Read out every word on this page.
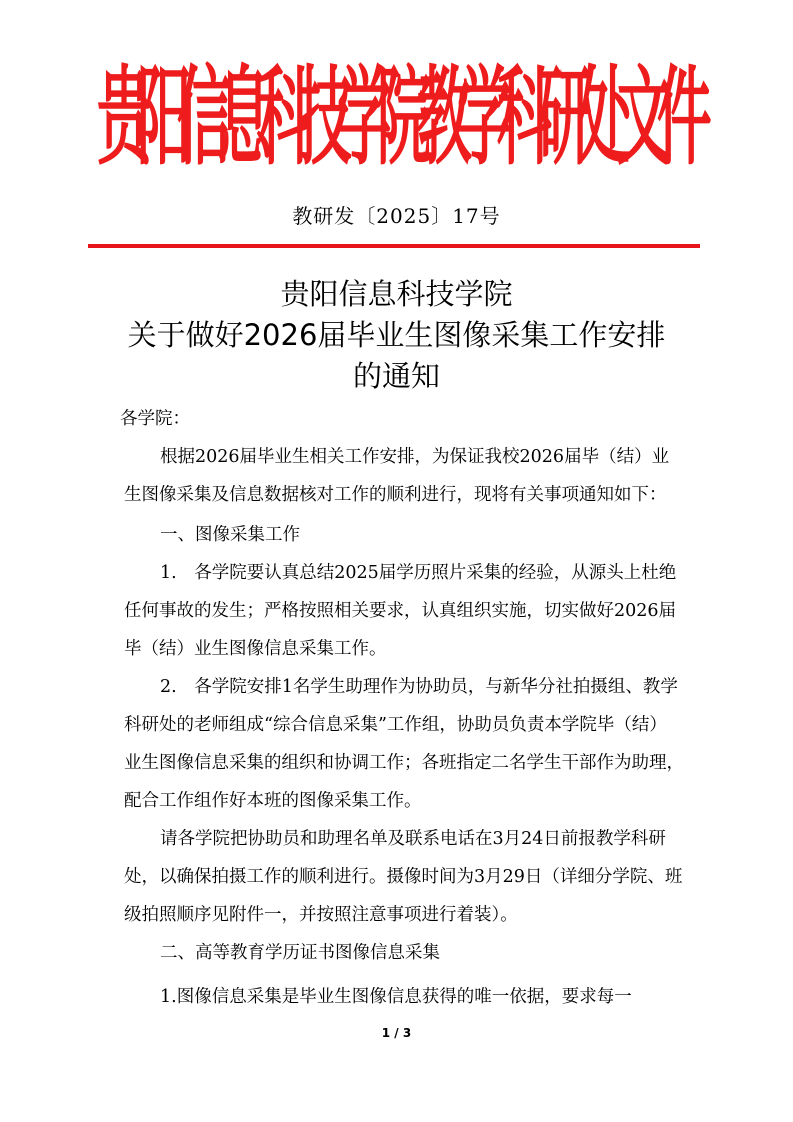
贵
阳
信
息
科
技
学
院
教
学
科
研
处
文
件
教研发〔2025〕17号
贵阳信息科技学院
关于做好2026届毕业生图像采集工作安排
的通知

各学院：

根据2026届毕业生相关工作安排，为保证我校2026届毕（结）业生图像采集及信息数据核对工作的顺利进行，现将有关事项通知如下：

一、图像采集工作

1.　各学院要认真总结2025届学历照片采集的经验，从源头上杜绝任何事故的发生；严格按照相关要求，认真组织实施，切实做好2026届毕（结）业生图像信息采集工作。

2.　各学院安排1名学生助理作为协助员，与新华分社拍摄组、教学科研处的老师组成“综合信息采集”工作组，协助员负责本学院毕（结）业生图像信息采集的组织和协调工作；各班指定二名学生干部作为助理，配合工作组作好本班的图像采集工作。

请各学院把协助员和助理名单及联系电话在3月24日前报教学科研处，以确保拍摄工作的顺利进行。摄像时间为3月29日（详细分学院、班级拍照顺序见附件一，并按照注意事项进行着装）。

二、高等教育学历证书图像信息采集

1.图像信息采集是毕业生图像信息获得的唯一依据，要求每一

1 / 3
